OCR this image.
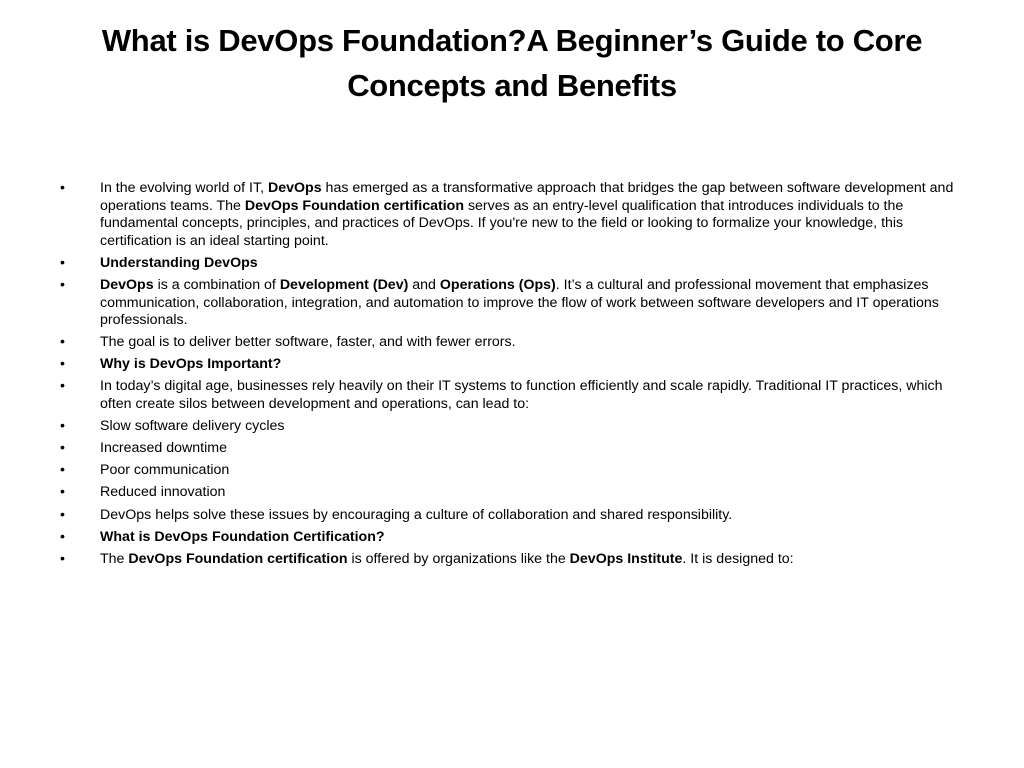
What is DevOps Foundation?A Beginner’s Guide to Core Concepts and Benefits
•	In the evolving world of IT, DevOps has emerged as a transformative approach that bridges the gap between software development and operations teams. The DevOps Foundation certification serves as an entry-level qualification that introduces individuals to the fundamental concepts, principles, and practices of DevOps. If you're new to the field or looking to formalize your knowledge, this certification is an ideal starting point.
•	Understanding DevOps
•	DevOps is a combination of Development (Dev) and Operations (Ops). It’s a cultural and professional movement that emphasizes communication, collaboration, integration, and automation to improve the flow of work between software developers and IT operations professionals.
•	The goal is to deliver better software, faster, and with fewer errors.
•	Why is DevOps Important?
•	In today’s digital age, businesses rely heavily on their IT systems to function efficiently and scale rapidly. Traditional IT practices, which often create silos between development and operations, can lead to:
•	Slow software delivery cycles
•	Increased downtime
•	Poor communication
•	Reduced innovation
•	DevOps helps solve these issues by encouraging a culture of collaboration and shared responsibility.
•	What is DevOps Foundation Certification?
•	The DevOps Foundation certification is offered by organizations like the DevOps Institute. It is designed to:
